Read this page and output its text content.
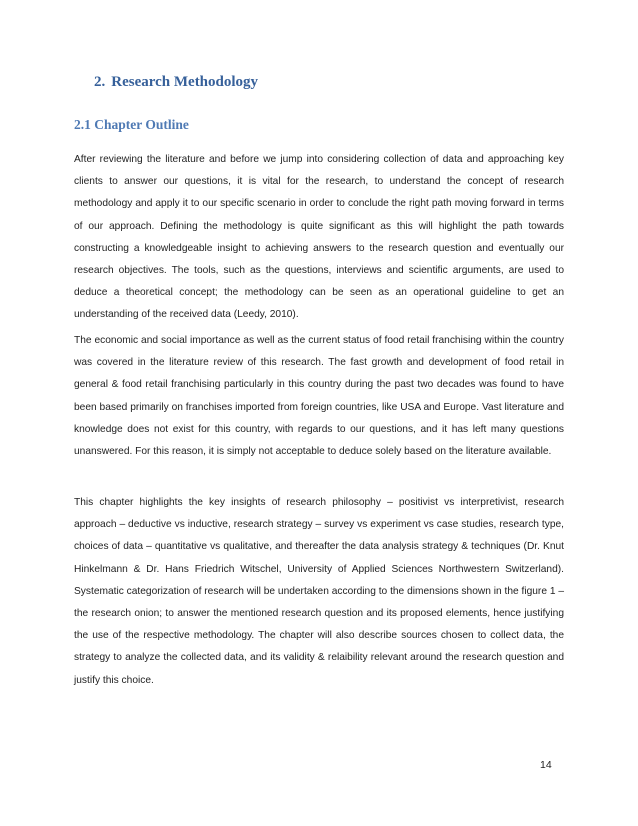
2. Research Methodology
2.1 Chapter Outline

After reviewing the literature and before we jump into considering collection of data and approaching key clients to answer our questions, it is vital for the research, to understand the concept of research methodology and apply it to our specific scenario in order to conclude the right path moving forward in terms of our approach. Defining the methodology is quite significant as this will highlight the path towards constructing a knowledgeable insight to achieving answers to the research question and eventually our research objectives. The tools, such as the questions, interviews and scientific arguments, are used to deduce a theoretical concept; the methodology can be seen as an operational guideline to get an understanding of the received data (Leedy, 2010).

The economic and social importance as well as the current status of food retail franchising within the country was covered in the literature review of this research. The fast growth and development of food retail in general & food retail franchising particularly in this country during the past two decades was found to have been based primarily on franchises imported from foreign countries, like USA and Europe. Vast literature and knowledge does not exist for this country, with regards to our questions, and it has left many questions unanswered. For this reason, it is simply not acceptable to deduce solely based on the literature available.

This chapter highlights the key insights of research philosophy – positivist vs interpretivist, research approach – deductive vs inductive, research strategy – survey vs experiment vs case studies, research type, choices of data – quantitative vs qualitative, and thereafter the data analysis strategy & techniques (Dr. Knut Hinkelmann & Dr. Hans Friedrich Witschel, University of Applied Sciences Northwestern Switzerland). Systematic categorization of research will be undertaken according to the dimensions shown in the figure 1 – the research onion; to answer the mentioned research question and its proposed elements, hence justifying the use of the respective methodology. The chapter will also describe sources chosen to collect data, the strategy to analyze the collected data, and its validity & relaibility relevant around the research question and justify this choice.

14
